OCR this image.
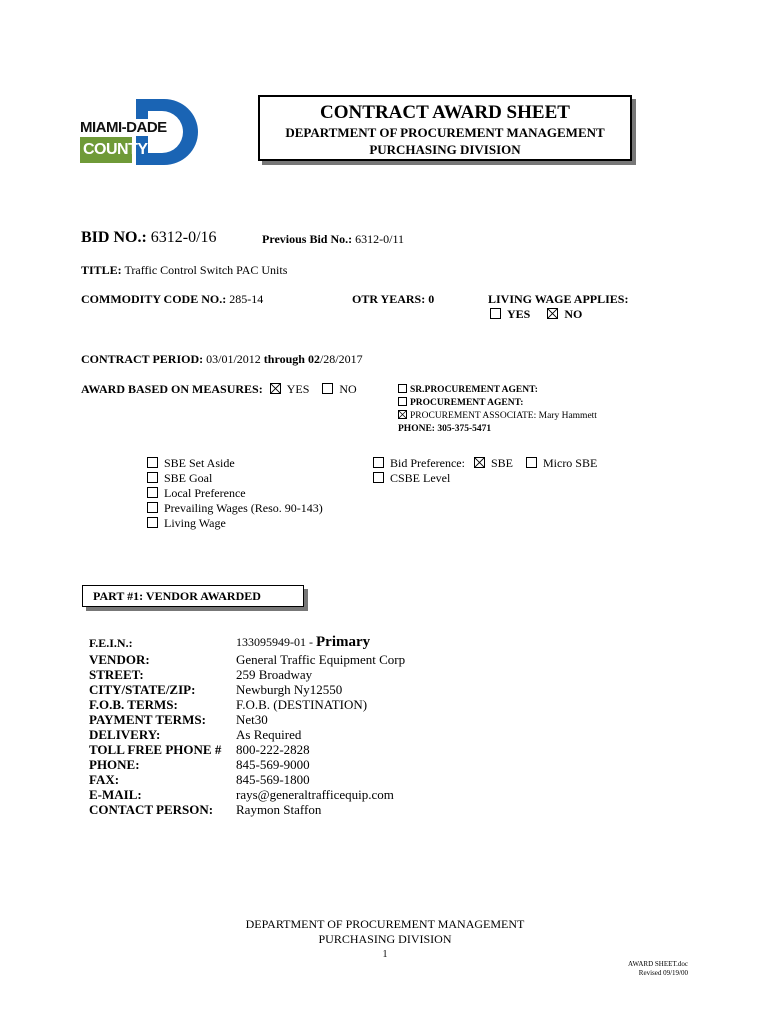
MIAMI-DADE
COUNTY
CONTRACT AWARD SHEET
DEPARTMENT OF PROCUREMENT MANAGEMENT
PURCHASING DIVISION
BID NO.: 6312-0/16	Previous Bid No.: 6312-0/11
TITLE: Traffic Control Switch PAC Units
COMMODITY CODE NO.: 285-14	OTR YEARS: 0	LIVING WAGE APPLIES:
YES	NO
CONTRACT PERIOD: 03/01/2012 through 02/28/2017
AWARD BASED ON MEASURES: YES	NO	SR.PROCUREMENT AGENT:
PROCUREMENT AGENT:
PROCUREMENT ASSOCIATE: Mary Hammett
PHONE: 305-375-5471
SBE Set Aside
SBE Goal
Local Preference
Prevailing Wages (Reso. 90-143)
Living Wage
Bid Preference: SBE	Micro SBE
CSBE Level
PART #1: VENDOR AWARDED
F.E.I.N.:	133095949-01 - Primary
VENDOR:	General Traffic Equipment Corp
STREET:	259 Broadway
CITY/STATE/ZIP:	Newburgh Ny12550
F.O.B. TERMS:	F.O.B. (DESTINATION)
PAYMENT TERMS: Net30
DELIVERY:	As Required
TOLL FREE PHONE # 800-222-2828
PHONE:	845-569-9000
FAX:	845-569-1800
E-MAIL:	rays@generaltrafficequip.com
CONTACT PERSON: Raymon Staffon
DEPARTMENT OF PROCUREMENT MANAGEMENT
PURCHASING DIVISION
1
AWARD SHEET.doc
Revised 09/19/00
